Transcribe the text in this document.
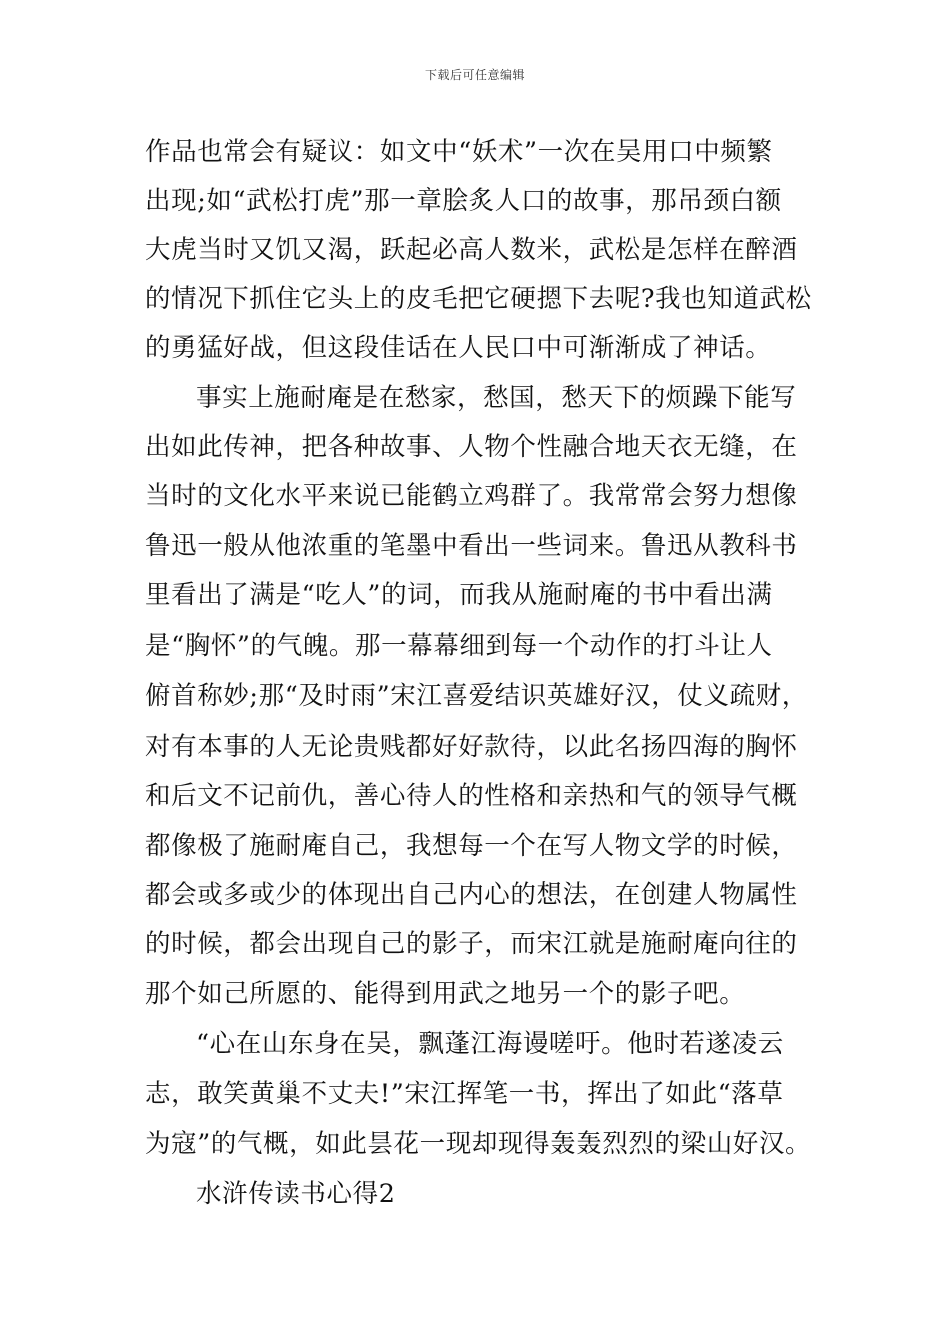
下载后可任意编辑
作品也常会有疑议：如文中“妖术”一次在吴用口中频繁
出现;如“武松打虎”那一章脍炙人口的故事，那吊颈白额
大虎当时又饥又渴，跃起必高人数米，武松是怎样在醉酒
的情况下抓住它头上的皮毛把它硬摁下去呢?我也知道武松
的勇猛好战，但这段佳话在人民口中可渐渐成了神话。
事实上施耐庵是在愁家，愁国，愁天下的烦躁下能写
出如此传神，把各种故事、人物个性融合地天衣无缝，在
当时的文化水平来说已能鹤立鸡群了。我常常会努力想像
鲁迅一般从他浓重的笔墨中看出一些词来。鲁迅从教科书
里看出了满是“吃人”的词，而我从施耐庵的书中看出满
是“胸怀”的气魄。那一幕幕细到每一个动作的打斗让人
俯首称妙;那“及时雨”宋江喜爱结识英雄好汉，仗义疏财，
对有本事的人无论贵贱都好好款待，以此名扬四海的胸怀
和后文不记前仇，善心待人的性格和亲热和气的领导气概
都像极了施耐庵自己，我想每一个在写人物文学的时候，
都会或多或少的体现出自己内心的想法，在创建人物属性
的时候，都会出现自己的影子，而宋江就是施耐庵向往的
那个如己所愿的、能得到用武之地另一个的影子吧。
“心在山东身在吴，飘蓬江海谩嗟吁。他时若遂凌云
志，敢笑黄巢不丈夫!”宋江挥笔一书，挥出了如此“落草
为寇”的气概，如此昙花一现却现得轰轰烈烈的梁山好汉。
水浒传读书心得2
